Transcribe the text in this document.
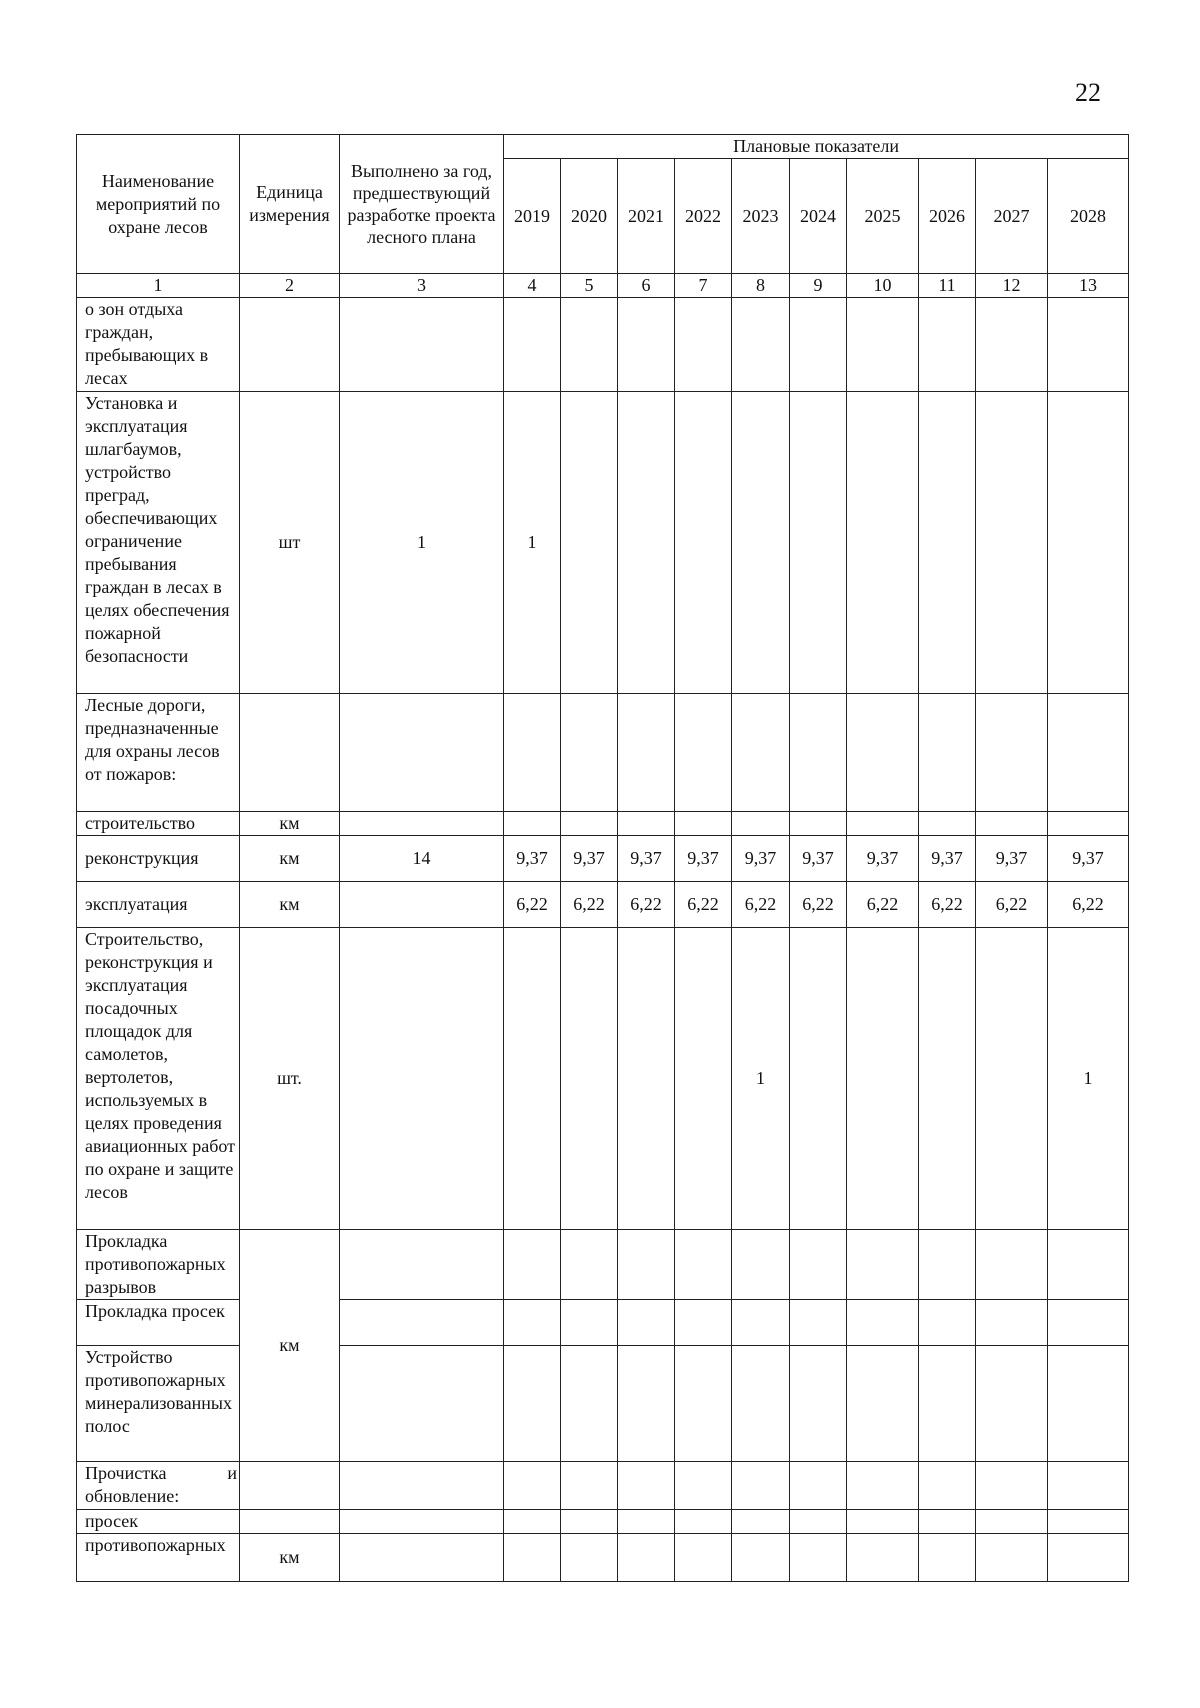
22
Наименование мероприятий по охране лесов	Единица измерения	Выполнено за год, предшествующий разработке проекта лесного плана	Плановые показатели									
			2019	2020	2021	2022	2023	2024	2025	2026	2027	2028
1	2	3	4	5	6	7	8	9	10	11	12	13
о зон отдыха граждан, пребывающих в лесах												
Установка и эксплуатация шлагбаумов, устройство преград, обеспечивающих ограничение пребывания граждан в лесах в целях обеспечения пожарной безопасности	шт	1	1									
Лесные дороги, предназначенные для охраны лесов от пожаров:												
строительство	км											
реконструкция	км	14	9,37	9,37	9,37	9,37	9,37	9,37	9,37	9,37	9,37	9,37
эксплуатация	км		6,22	6,22	6,22	6,22	6,22	6,22	6,22	6,22	6,22	6,22
Строительство, реконструкция и эксплуатация посадочных площадок для самолетов, вертолетов, используемых в целях проведения авиационных работ по охране и защите лесов	шт.						1					1
Прокладка противопожарных разрывов	км											
Прокладка просек												
Устройство противопожарных минерализованных полос												
Прочистка и обновление:												
просек												
противопожарных	км											
